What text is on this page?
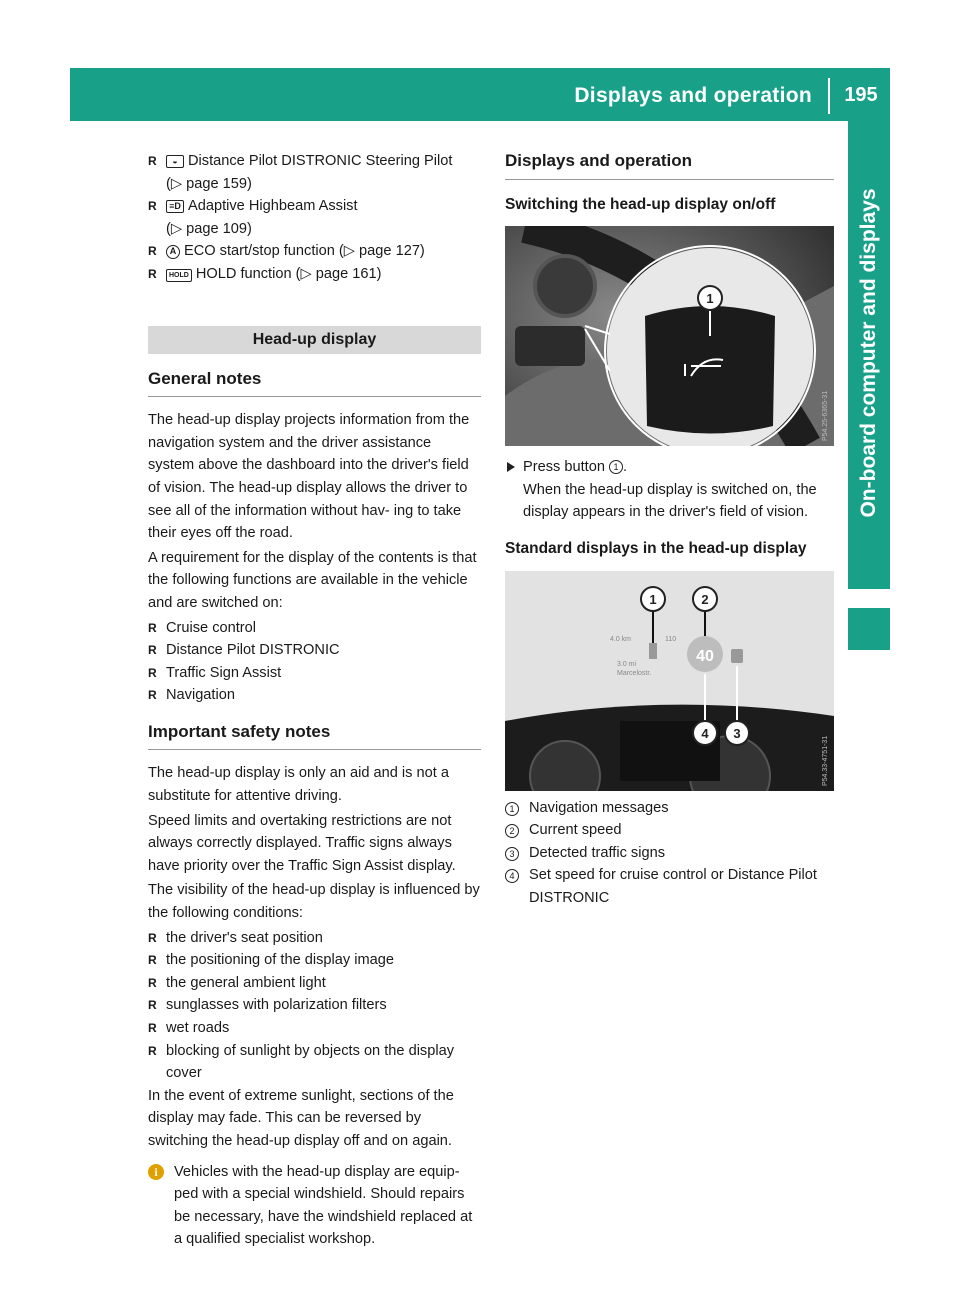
Displays and operation	195
On-board computer and displays
R ◒ Distance Pilot DISTRONIC Steering Pilot
(▷ page 159)
R ≡D Adaptive Highbeam Assist
(▷ page 109)
R A ECO start/stop function (▷ page 127)
R HOLD HOLD function (▷ page 161)
Head-up display
General notes

The head-up display projects information from the navigation system and the driver assistance system above the dashboard into the driver's field of vision. The head-up display allows the driver to see all of the information without hav- ing to take their eyes off the road.

A requirement for the display of the contents is that the following functions are available in the vehicle and are switched on:

R Cruise control
R Distance Pilot DISTRONIC
R Traffic Sign Assist
R Navigation
Important safety notes

The head-up display is only an aid and is not a substitute for attentive driving.

Speed limits and overtaking restrictions are not always correctly displayed. Traffic signs always have priority over the Traffic Sign Assist display.

The visibility of the head-up display is influenced by the following conditions:

R the driver's seat position
R the positioning of the display image
R the general ambient light
R sunglasses with polarization filters
R wet roads
R blocking of sunlight by objects on the display cover

In the event of extreme sunlight, sections of the display may fade. This can be reversed by switching the head-up display off and on again.

i	Vehicles with the head-up display are equip- ped with a special windshield. Should repairs be necessary, have the windshield replaced at a qualified specialist workshop.
Displays and operation
Switching the head-up display on/off
1
P54.25-6365-31
Press button 1 .
When the head-up display is switched on, the display appears in the driver's field of vision.
Standard displays in the head-up display
40
4.0 km	110
3.0 mi
Marcelostr.
1	2
3
4
P54.33-4751-31
1 Navigation messages
2 Current speed
3 Detected traffic signs
4 Set speed for cruise control or Distance Pilot DISTRONIC
